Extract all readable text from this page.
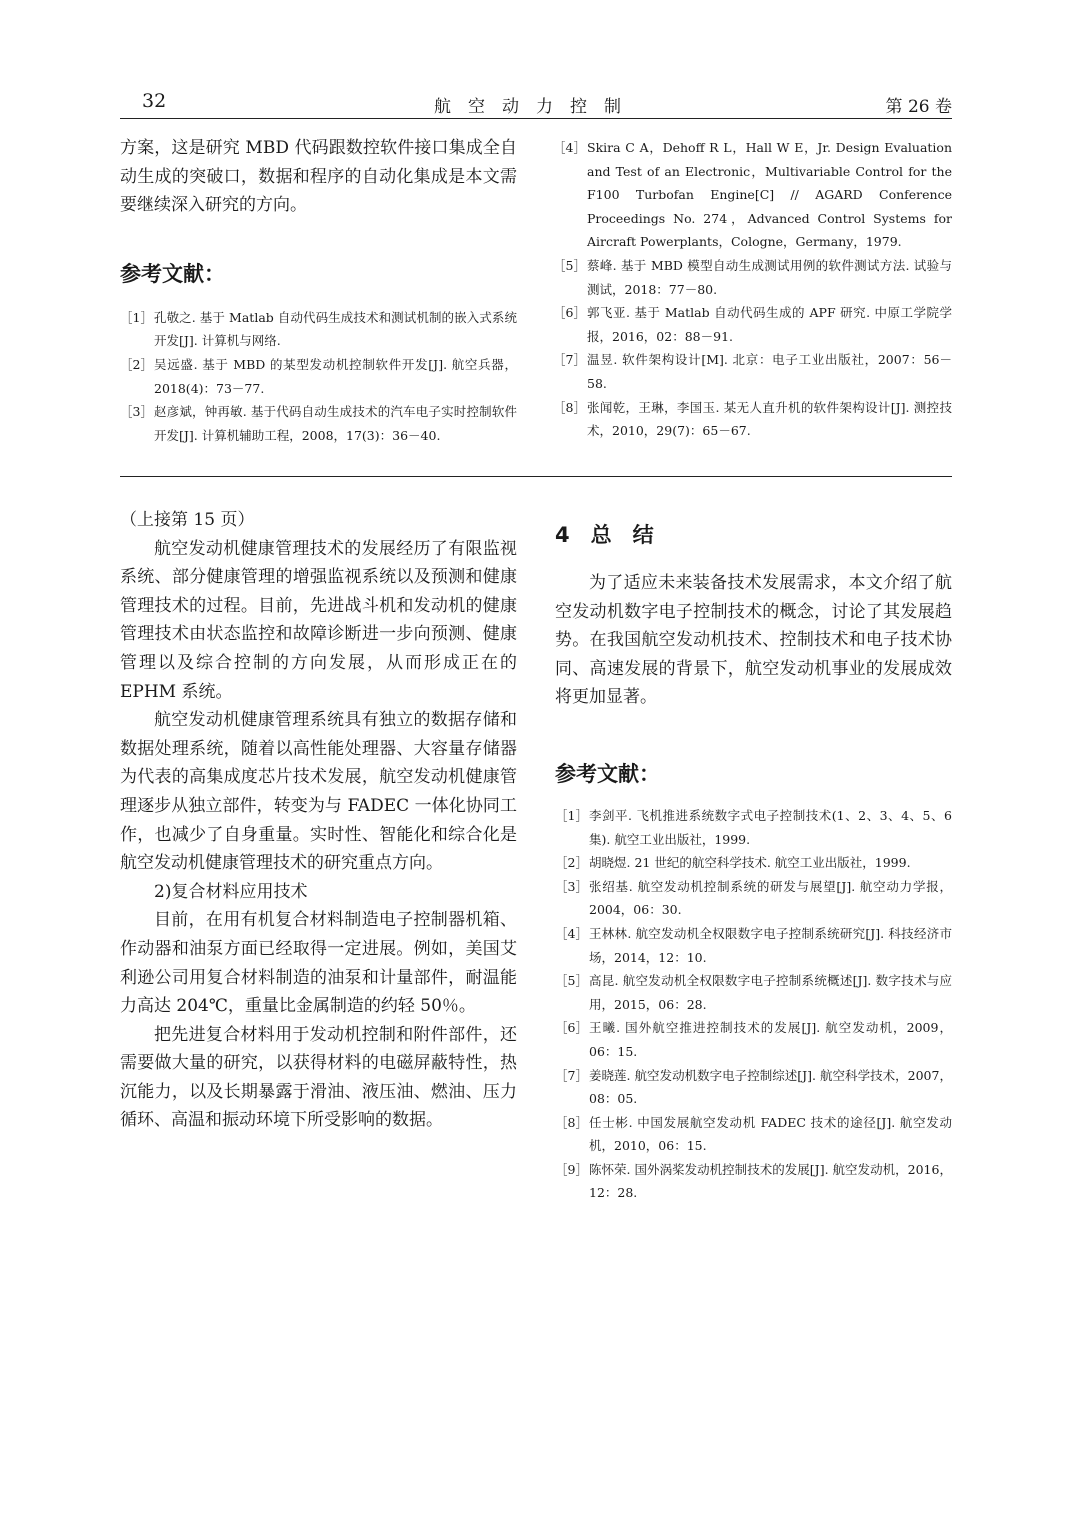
32	航空动力控制	第 26 卷

方案，这是研究 MBD 代码跟数控软件接口集成全自动生成的突破口，数据和程序的自动化集成是本文需要继续深入研究的方向。

参考文献：
［1］ 孔敬之. 基于 Matlab 自动代码生成技术和测试机制的嵌入式系统开发[J]. 计算机与网络.
［2］ 吴远盛. 基于 MBD 的某型发动机控制软件开发[J]. 航空兵器，2018(4)：73－77.
［3］ 赵彦斌，钟再敏. 基于代码自动生成技术的汽车电子实时控制软件开发[J]. 计算机辅助工程，2008，17(3)：36－40.
［4］ Skira C A，Dehoff R L，Hall W E，Jr. Design Evaluation and Test of an Electronic，Multivariable Control for the F100 Turbofan Engine[C] // AGARD Conference Proceedings No. 274，Advanced Control Systems for Aircraft Powerplants，Cologne，Germany，1979.
［5］ 蔡峰. 基于 MBD 模型自动生成测试用例的软件测试方法. 试验与测试，2018：77－80.
［6］ 郭飞亚. 基于 Matlab 自动代码生成的 APF 研究. 中原工学院学报，2016，02：88－91.
［7］ 温昱. 软件架构设计[M]. 北京：电子工业出版社，2007：56－58.
［8］ 张闻乾，王琳，李国玉. 某无人直升机的软件架构设计[J]. 测控技术，2010，29(7)：65－67.

（上接第 15 页）

航空发动机健康管理技术的发展经历了有限监视系统、部分健康管理的增强监视系统以及预测和健康管理技术的过程。目前，先进战斗机和发动机的健康管理技术由状态监控和故障诊断进一步向预测、健康管理以及综合控制的方向发展，从而形成正在的 EPHM 系统。

航空发动机健康管理系统具有独立的数据存储和数据处理系统，随着以高性能处理器、大容量存储器为代表的高集成度芯片技术发展，航空发动机健康管理逐步从独立部件，转变为与 FADEC 一体化协同工作，也减少了自身重量。实时性、智能化和综合化是航空发动机健康管理技术的研究重点方向。

2)复合材料应用技术

目前，在用有机复合材料制造电子控制器机箱、作动器和油泵方面已经取得一定进展。例如，美国艾利逊公司用复合材料制造的油泵和计量部件，耐温能力高达 204℃，重量比金属制造的约轻 50％。

把先进复合材料用于发动机控制和附件部件，还需要做大量的研究，以获得材料的电磁屏蔽特性，热沉能力，以及长期暴露于滑油、液压油、燃油、压力循环、高温和振动环境下所受影响的数据。

4　总　结

为了适应未来装备技术发展需求，本文介绍了航空发动机数字电子控制技术的概念，讨论了其发展趋势。在我国航空发动机技术、控制技术和电子技术协同、高速发展的背景下，航空发动机事业的发展成效将更加显著。

参考文献：
［1］ 李剑平. 飞机推进系统数字式电子控制技术(1、2、3、4、5、6集). 航空工业出版社，1999.
［2］ 胡晓煜. 21 世纪的航空科学技术. 航空工业出版社，1999.
［3］ 张绍基. 航空发动机控制系统的研发与展望[J]. 航空动力学报，2004，06：30.
［4］ 王林林. 航空发动机全权限数字电子控制系统研究[J]. 科技经济市场，2014，12：10.
［5］ 高昆. 航空发动机全权限数字电子控制系统概述[J]. 数字技术与应用，2015，06：28.
［6］ 王曦. 国外航空推进控制技术的发展[J]. 航空发动机，2009，06：15.
［7］ 姜晓莲. 航空发动机数字电子控制综述[J]. 航空科学技术，2007，08：05.
［8］ 任士彬. 中国发展航空发动机 FADEC 技术的途径[J]. 航空发动机，2010，06：15.
［9］ 陈怀荣. 国外涡桨发动机控制技术的发展[J]. 航空发动机，2016，12：28.
